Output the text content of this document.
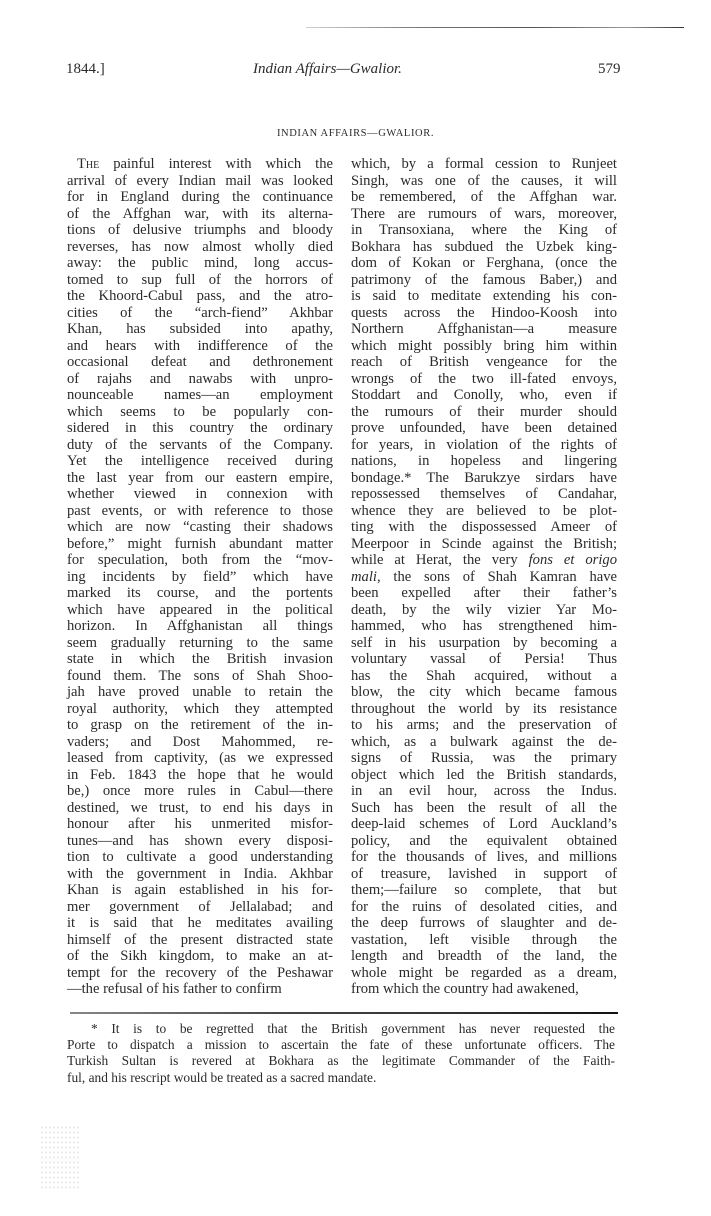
1844.]	Indian Affairs—Gwalior.	579
INDIAN AFFAIRS—GWALIOR.
The painful interest with which the
arrival of every Indian mail was looked
for in England during the continuance
of the Affghan war, with its alterna-
tions of delusive triumphs and bloody
reverses, has now almost wholly died
away: the public mind, long accus-
tomed to sup full of the horrors of
the Khoord-Cabul pass, and the atro-
cities of the “arch-fiend” Akhbar
Khan, has subsided into apathy,
and hears with indifference of the
occasional defeat and dethronement
of rajahs and nawabs with unpro-
nounceable names—an employment
which seems to be popularly con-
sidered in this country the ordinary
duty of the servants of the Company.
Yet the intelligence received during
the last year from our eastern empire,
whether viewed in connexion with
past events, or with reference to those
which are now “casting their shadows
before,” might furnish abundant matter
for speculation, both from the “mov-
ing incidents by field” which have
marked its course, and the portents
which have appeared in the political
horizon. In Affghanistan all things
seem gradually returning to the same
state in which the British invasion
found them. The sons of Shah Shoo-
jah have proved unable to retain the
royal authority, which they attempted
to grasp on the retirement of the in-
vaders; and Dost Mahommed, re-
leased from captivity, (as we expressed
in Feb. 1843 the hope that he would
be,) once more rules in Cabul—there
destined, we trust, to end his days in
honour after his unmerited misfor-
tunes—and has shown every disposi-
tion to cultivate a good understanding
with the government in India. Akhbar
Khan is again established in his for-
mer government of Jellalabad; and
it is said that he meditates availing
himself of the present distracted state
of the Sikh kingdom, to make an at-
tempt for the recovery of the Peshawar
—the refusal of his father to confirm
which, by a formal cession to Runjeet
Singh, was one of the causes, it will
be remembered, of the Affghan war.
There are rumours of wars, moreover,
in Transoxiana, where the King of
Bokhara has subdued the Uzbek king-
dom of Kokan or Ferghana, (once the
patrimony of the famous Baber,) and
is said to meditate extending his con-
quests across the Hindoo-Koosh into
Northern Affghanistan—a measure
which might possibly bring him within
reach of British vengeance for the
wrongs of the two ill-fated envoys,
Stoddart and Conolly, who, even if
the rumours of their murder should
prove unfounded, have been detained
for years, in violation of the rights of
nations, in hopeless and lingering
bondage.* The Barukzye sirdars have
repossessed themselves of Candahar,
whence they are believed to be plot-
ting with the dispossessed Ameer of
Meerpoor in Scinde against the British;
while at Herat, the very fons et origo
mali, the sons of Shah Kamran have
been expelled after their father’s
death, by the wily vizier Yar Mo-
hammed, who has strengthened him-
self in his usurpation by becoming a
voluntary vassal of Persia! Thus
has the Shah acquired, without a
blow, the city which became famous
throughout the world by its resistance
to his arms; and the preservation of
which, as a bulwark against the de-
signs of Russia, was the primary
object which led the British standards,
in an evil hour, across the Indus.
Such has been the result of all the
deep-laid schemes of Lord Auckland’s
policy, and the equivalent obtained
for the thousands of lives, and millions
of treasure, lavished in support of
them;—failure so complete, that but
for the ruins of desolated cities, and
the deep furrows of slaughter and de-
vastation, left visible through the
length and breadth of the land, the
whole might be regarded as a dream,
from which the country had awakened,
* It is to be regretted that the British government has never requested the
Porte to dispatch a mission to ascertain the fate of these unfortunate officers. The
Turkish Sultan is revered at Bokhara as the legitimate Commander of the Faith-
ful, and his rescript would be treated as a sacred mandate.
